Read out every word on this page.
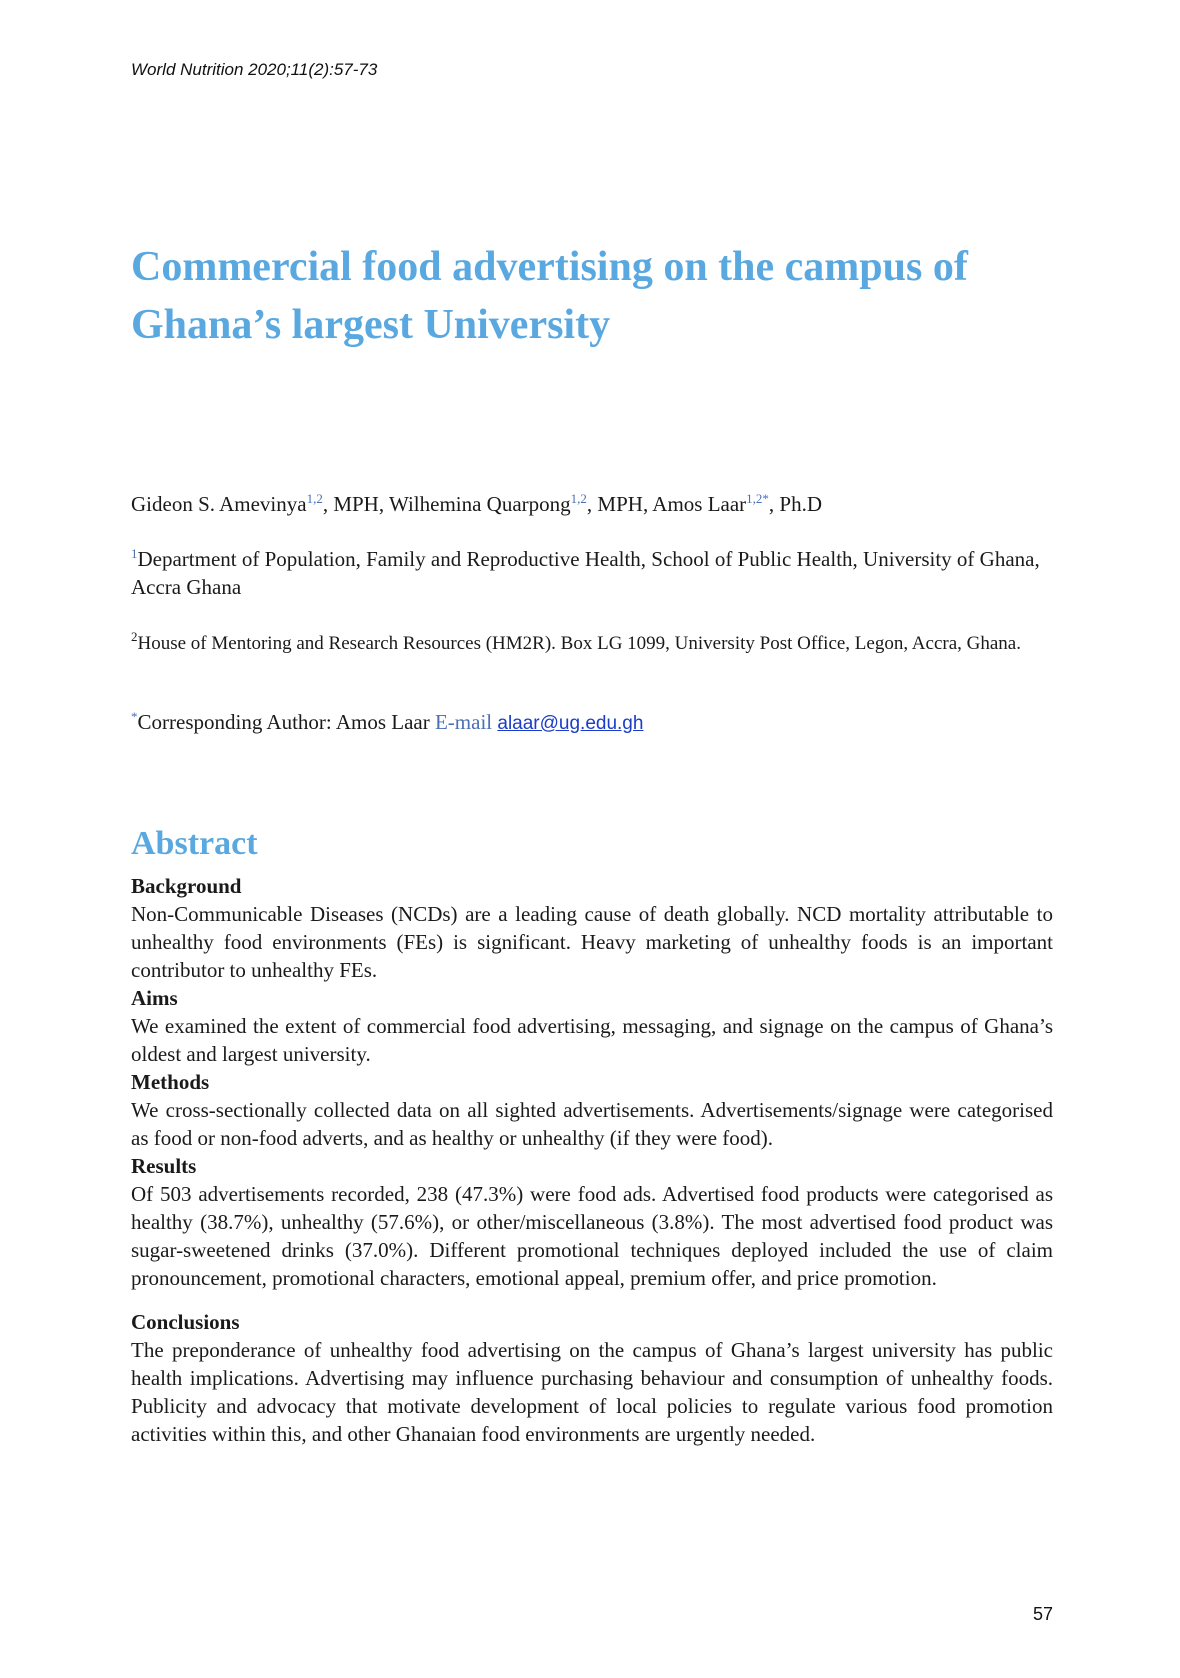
World Nutrition 2020;11(2):57-73
Commercial food advertising on the campus of Ghana’s largest University
Gideon S. Amevinya$^{1,2}$, MPH, Wilhemina Quarpong$^{1,2}$, MPH, Amos Laar$^{1,2*}$, Ph.D
$^1$Department of Population, Family and Reproductive Health, School of Public Health, University of Ghana, Accra Ghana
$^2$House of Mentoring and Research Resources (HM2R). Box LG 1099, University Post Office, Legon, Accra, Ghana.
*Corresponding Author: Amos Laar E-mail alaar@ug.edu.gh
Abstract
Background

Non-Communicable Diseases (NCDs) are a leading cause of death globally. NCD mortality attributable to unhealthy food environments (FEs) is significant. Heavy marketing of unhealthy foods is an important contributor to unhealthy FEs.

Aims

We examined the extent of commercial food advertising, messaging, and signage on the campus of Ghana’s oldest and largest university.

Methods

We cross-sectionally collected data on all sighted advertisements. Advertisements/signage were categorised as food or non-food adverts, and as healthy or unhealthy (if they were food).

Results

Of 503 advertisements recorded, 238 (47.3%) were food ads. Advertised food products were categorised as healthy (38.7%), unhealthy (57.6%), or other/miscellaneous (3.8%). The most advertised food product was sugar-sweetened drinks (37.0%). Different promotional techniques deployed included the use of claim pronouncement, promotional characters, emotional appeal, premium offer, and price promotion.

Conclusions

The preponderance of unhealthy food advertising on the campus of Ghana’s largest university has public health implications. Advertising may influence purchasing behaviour and consumption of unhealthy foods. Publicity and advocacy that motivate development of local policies to regulate various food promotion activities within this, and other Ghanaian food environments are urgently needed.

57
